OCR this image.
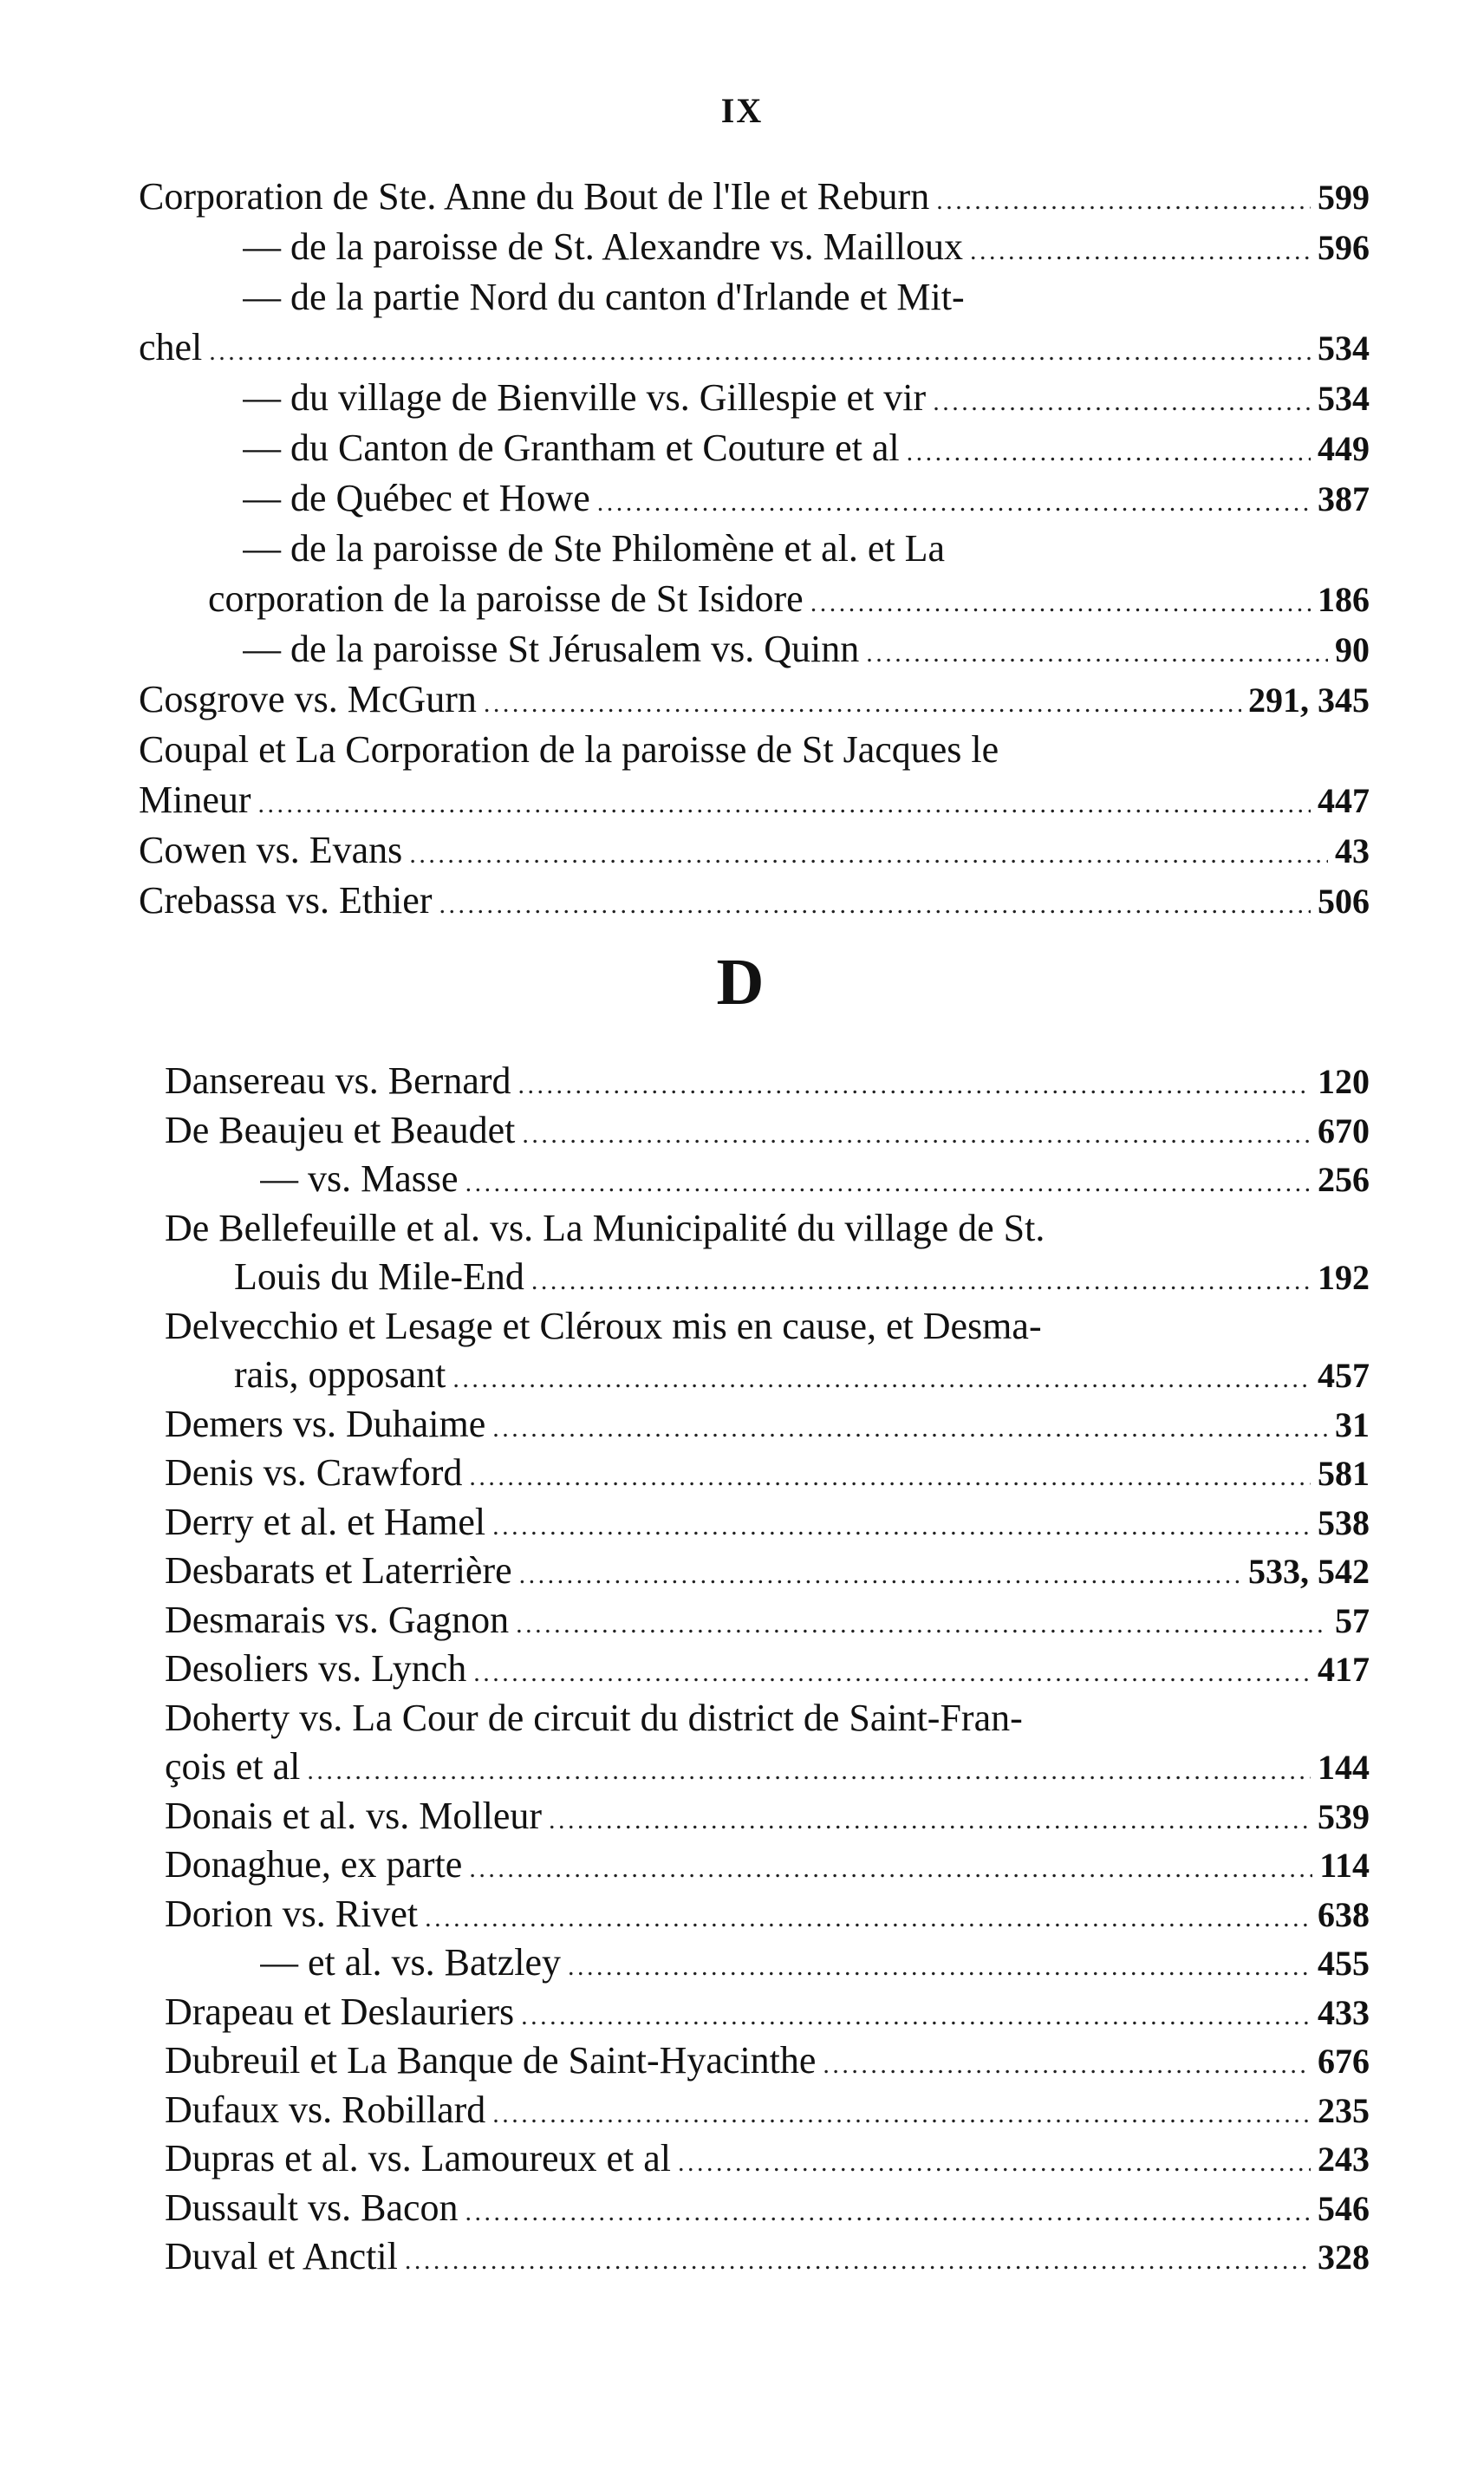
IX
Corporation de Ste. Anne du Bout de l'Ile et Reburn . . .	599
— de la paroisse de St. Alexandre vs. Mailloux . . .	596
— de la partie Nord du canton d'Irlande et Mit-
chel . . .	534
— du village de Bienville vs. Gillespie et vir . . .	534
— du Canton de Grantham et Couture et al . . .	449
— de Québec et Howe . . .	387
— de la paroisse de Ste Philomène et al. et La
corporation de la paroisse de St Isidore . . .	186
— de la paroisse St Jérusalem vs. Quinn . . .	90
Cosgrove vs. McGurn . . .	291, 345
Coupal et La Corporation de la paroisse de St Jacques le
Mineur . . .	447
Cowen vs. Evans . . .	43
Crebassa vs. Ethier . . .	506
D
Dansereau vs. Bernard . . .	120
De Beaujeu et Beaudet . . .	670
— vs. Masse . . .	256
De Bellefeuille et al. vs. La Municipalité du village de St.
Louis du Mile-End . . .	192
Delvecchio et Lesage et Cléroux mis en cause, et Desma-
rais, opposant . . .	457
Demers vs. Duhaime . . .	31
Denis vs. Crawford . . .	581
Derry et al. et Hamel . . .	538
Desbarats et Laterrière . . .	533, 542
Desmarais vs. Gagnon . . .	57
Desoliers vs. Lynch . . .	417
Doherty vs. La Cour de circuit du district de Saint-Fran-
çois et al . . .	144
Donais et al. vs. Molleur . . .	539
Donaghue, ex parte . . .	114
Dorion vs. Rivet . . .	638
— et al. vs. Batzley . . .	455
Drapeau et Deslauriers . . .	433
Dubreuil et La Banque de Saint-Hyacinthe . . .	676
Dufaux vs. Robillard . . .	235
Dupras et al. vs. Lamoureux et al . . .	243
Dussault vs. Bacon . . .	546
Duval et Anctil . . .	328
